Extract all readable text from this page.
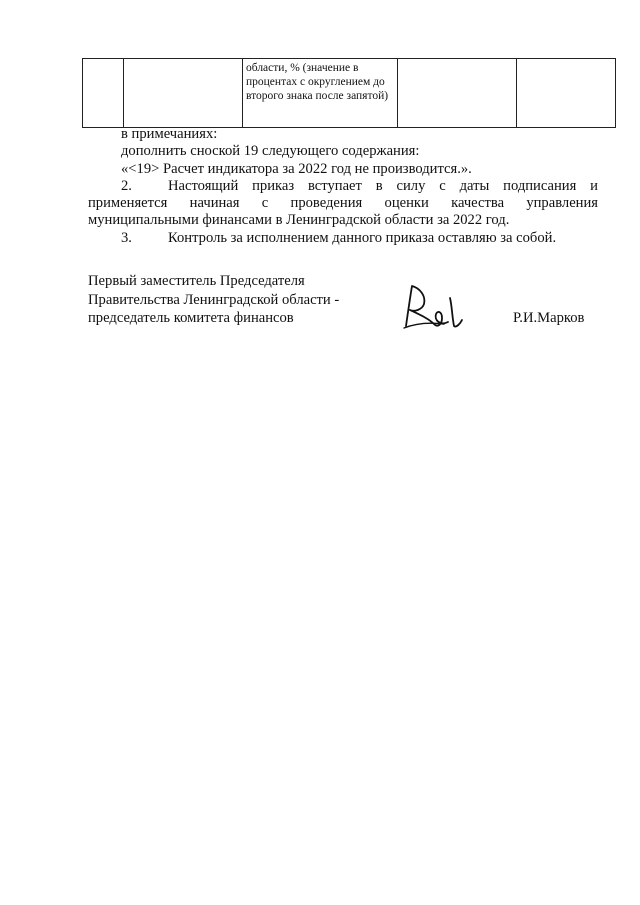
		области, % (значение в процентах с округлением до второго знака после запятой)		
в примечаниях:
дополнить сноской 19 следующего содержания:
«<19> Расчет индикатора за 2022 год не производится.».
2. Настоящий приказ вступает в силу с даты подписания и
применяется начиная с проведения оценки качества управления
муниципальными финансами в Ленинградской области за 2022 год.
3. Контроль за исполнением данного приказа оставляю за собой.
Первый заместитель Председателя
Правительства Ленинградской области -
председатель комитета финансов	Р.И.Марков
